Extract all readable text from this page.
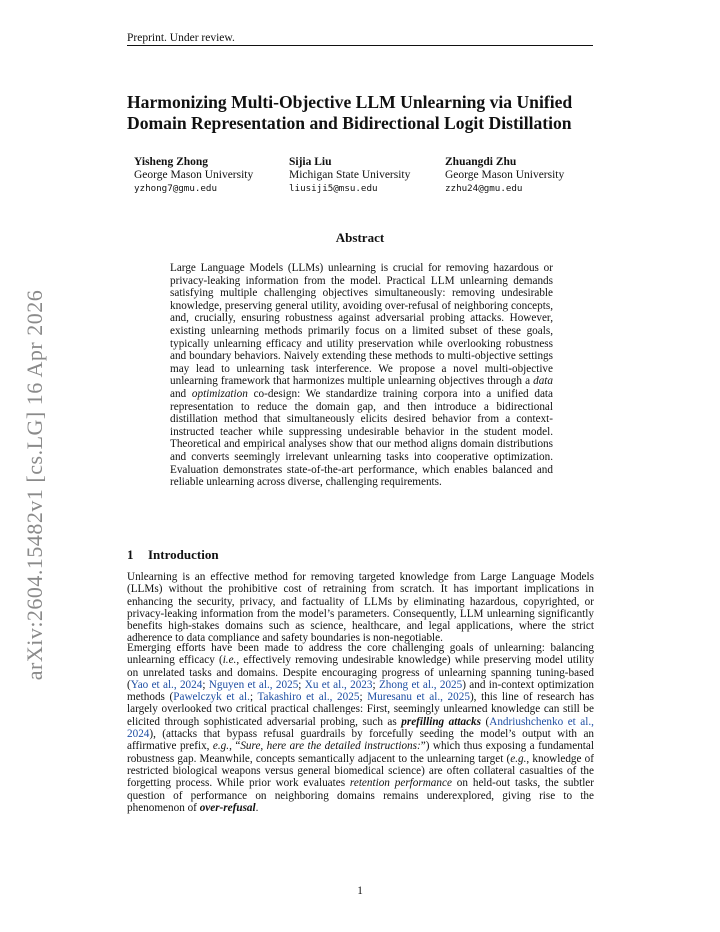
Preprint. Under review.
arXiv:2604.15482v1 [cs.LG] 16 Apr 2026
Harmonizing Multi-Objective LLM Unlearning via Unified Domain Representation and Bidirectional Logit Distillation
Yisheng Zhong
George Mason University
yzhong7@gmu.edu
Sijia Liu
Michigan State University
liusiji5@msu.edu
Zhuangdi Zhu
George Mason University
zzhu24@gmu.edu
Abstract
Large Language Models (LLMs) unlearning is crucial for removing hazardous or privacy-leaking information from the model. Practical LLM unlearning demands satisfying multiple challenging objectives simultaneously: removing undesirable knowledge, preserving general utility, avoiding over-refusal of neighboring concepts, and, crucially, ensuring robustness against adversarial probing attacks. However, existing unlearning methods primarily focus on a limited subset of these goals, typically unlearning efficacy and utility preservation while overlooking robustness and boundary behaviors. Naively extending these methods to multi-objective settings may lead to unlearning task interference. We propose a novel multi-objective unlearning framework that harmonizes multiple unlearning objectives through a data and optimization co-design: We standardize training corpora into a unified data representation to reduce the domain gap, and then introduce a bidirectional distillation method that simultaneously elicits desired behavior from a context-instructed teacher while suppressing undesirable behavior in the student model. Theoretical and empirical analyses show that our method aligns domain distributions and converts seemingly irrelevant unlearning tasks into cooperative optimization. Evaluation demonstrates state-of-the-art performance, which enables balanced and reliable unlearning across diverse, challenging requirements.
1 Introduction
Unlearning is an effective method for removing targeted knowledge from Large Language Models (LLMs) without the prohibitive cost of retraining from scratch. It has important implications in enhancing the security, privacy, and factuality of LLMs by eliminating hazardous, copyrighted, or privacy-leaking information from the model’s parameters. Consequently, LLM unlearning significantly benefits high-stakes domains such as science, healthcare, and legal applications, where the strict adherence to data compliance and safety boundaries is non-negotiable.
Emerging efforts have been made to address the core challenging goals of unlearning: balancing unlearning efficacy (i.e., effectively removing undesirable knowledge) while preserving model utility on unrelated tasks and domains. Despite encouraging progress of unlearning spanning tuning-based (Yao et al., 2024; Nguyen et al., 2025; Xu et al., 2023; Zhong et al., 2025) and in-context optimization methods (Pawelczyk et al.; Takashiro et al., 2025; Muresanu et al., 2025), this line of research has largely overlooked two critical practical challenges: First, seemingly unlearned knowledge can still be elicited through sophisticated adversarial probing, such as prefilling attacks (Andriushchenko et al., 2024), (attacks that bypass refusal guardrails by forcefully seeding the model’s output with an affirmative prefix, e.g., “Sure, here are the detailed instructions:”) which thus exposing a fundamental robustness gap. Meanwhile, concepts semantically adjacent to the unlearning target (e.g., knowledge of restricted biological weapons versus general biomedical science) are often collateral casualties of the forgetting process. While prior work evaluates retention performance on held-out tasks, the subtler question of performance on neighboring domains remains underexplored, giving rise to the phenomenon of over-refusal.
1
